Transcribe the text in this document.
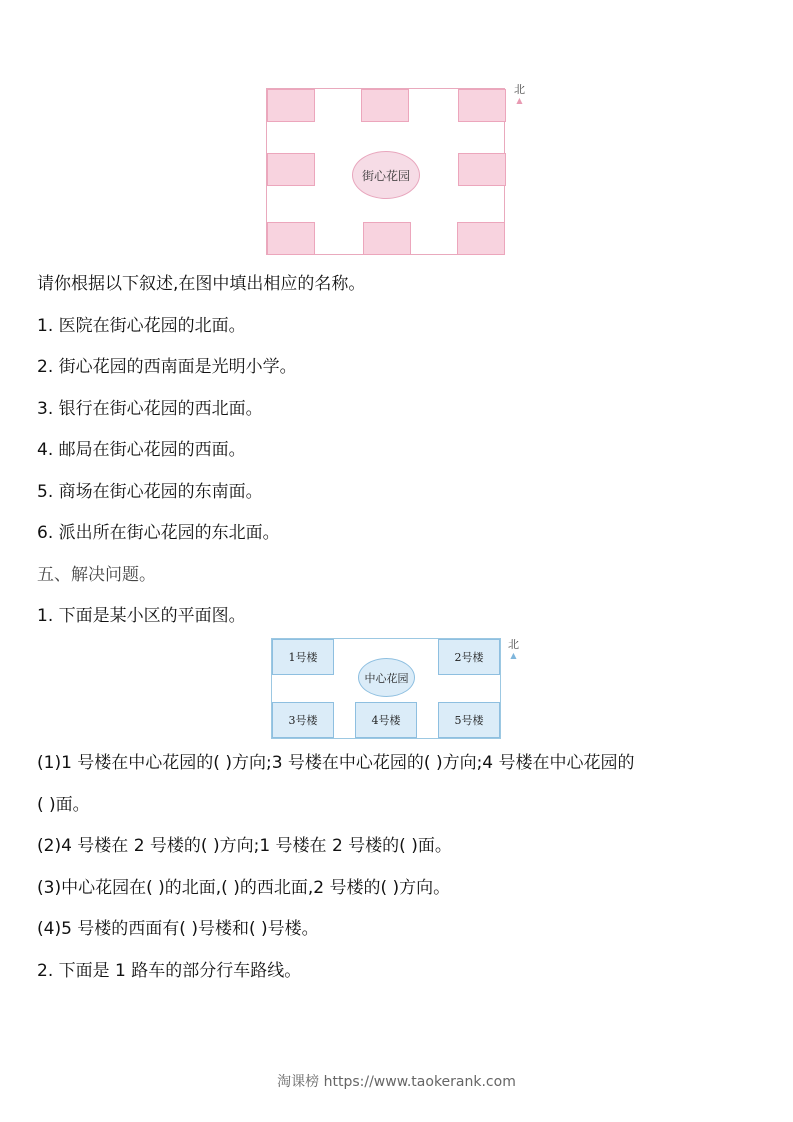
街心花园
北
▲
请你根据以下叙述,在图中填出相应的名称。
1. 医院在街心花园的北面。
2. 街心花园的西南面是光明小学。
3. 银行在街心花园的西北面。
4. 邮局在街心花园的西面。
5. 商场在街心花园的东南面。
6. 派出所在街心花园的东北面。
五、解决问题。
1. 下面是某小区的平面图。
1号楼	2号楼
3号楼	4号楼	5号楼
中心花园
北
▲
(1)1 号楼在中心花园的( )方向;3 号楼在中心花园的( )方向;4 号楼在中心花园的
( )面。
(2)4 号楼在 2 号楼的( )方向;1 号楼在 2 号楼的( )面。
(3)中心花园在( )的北面,( )的西北面,2 号楼的( )方向。
(4)5 号楼的西面有( )号楼和( )号楼。
2. 下面是 1 路车的部分行车路线。
淘课榜 https://www.taokerank.com
